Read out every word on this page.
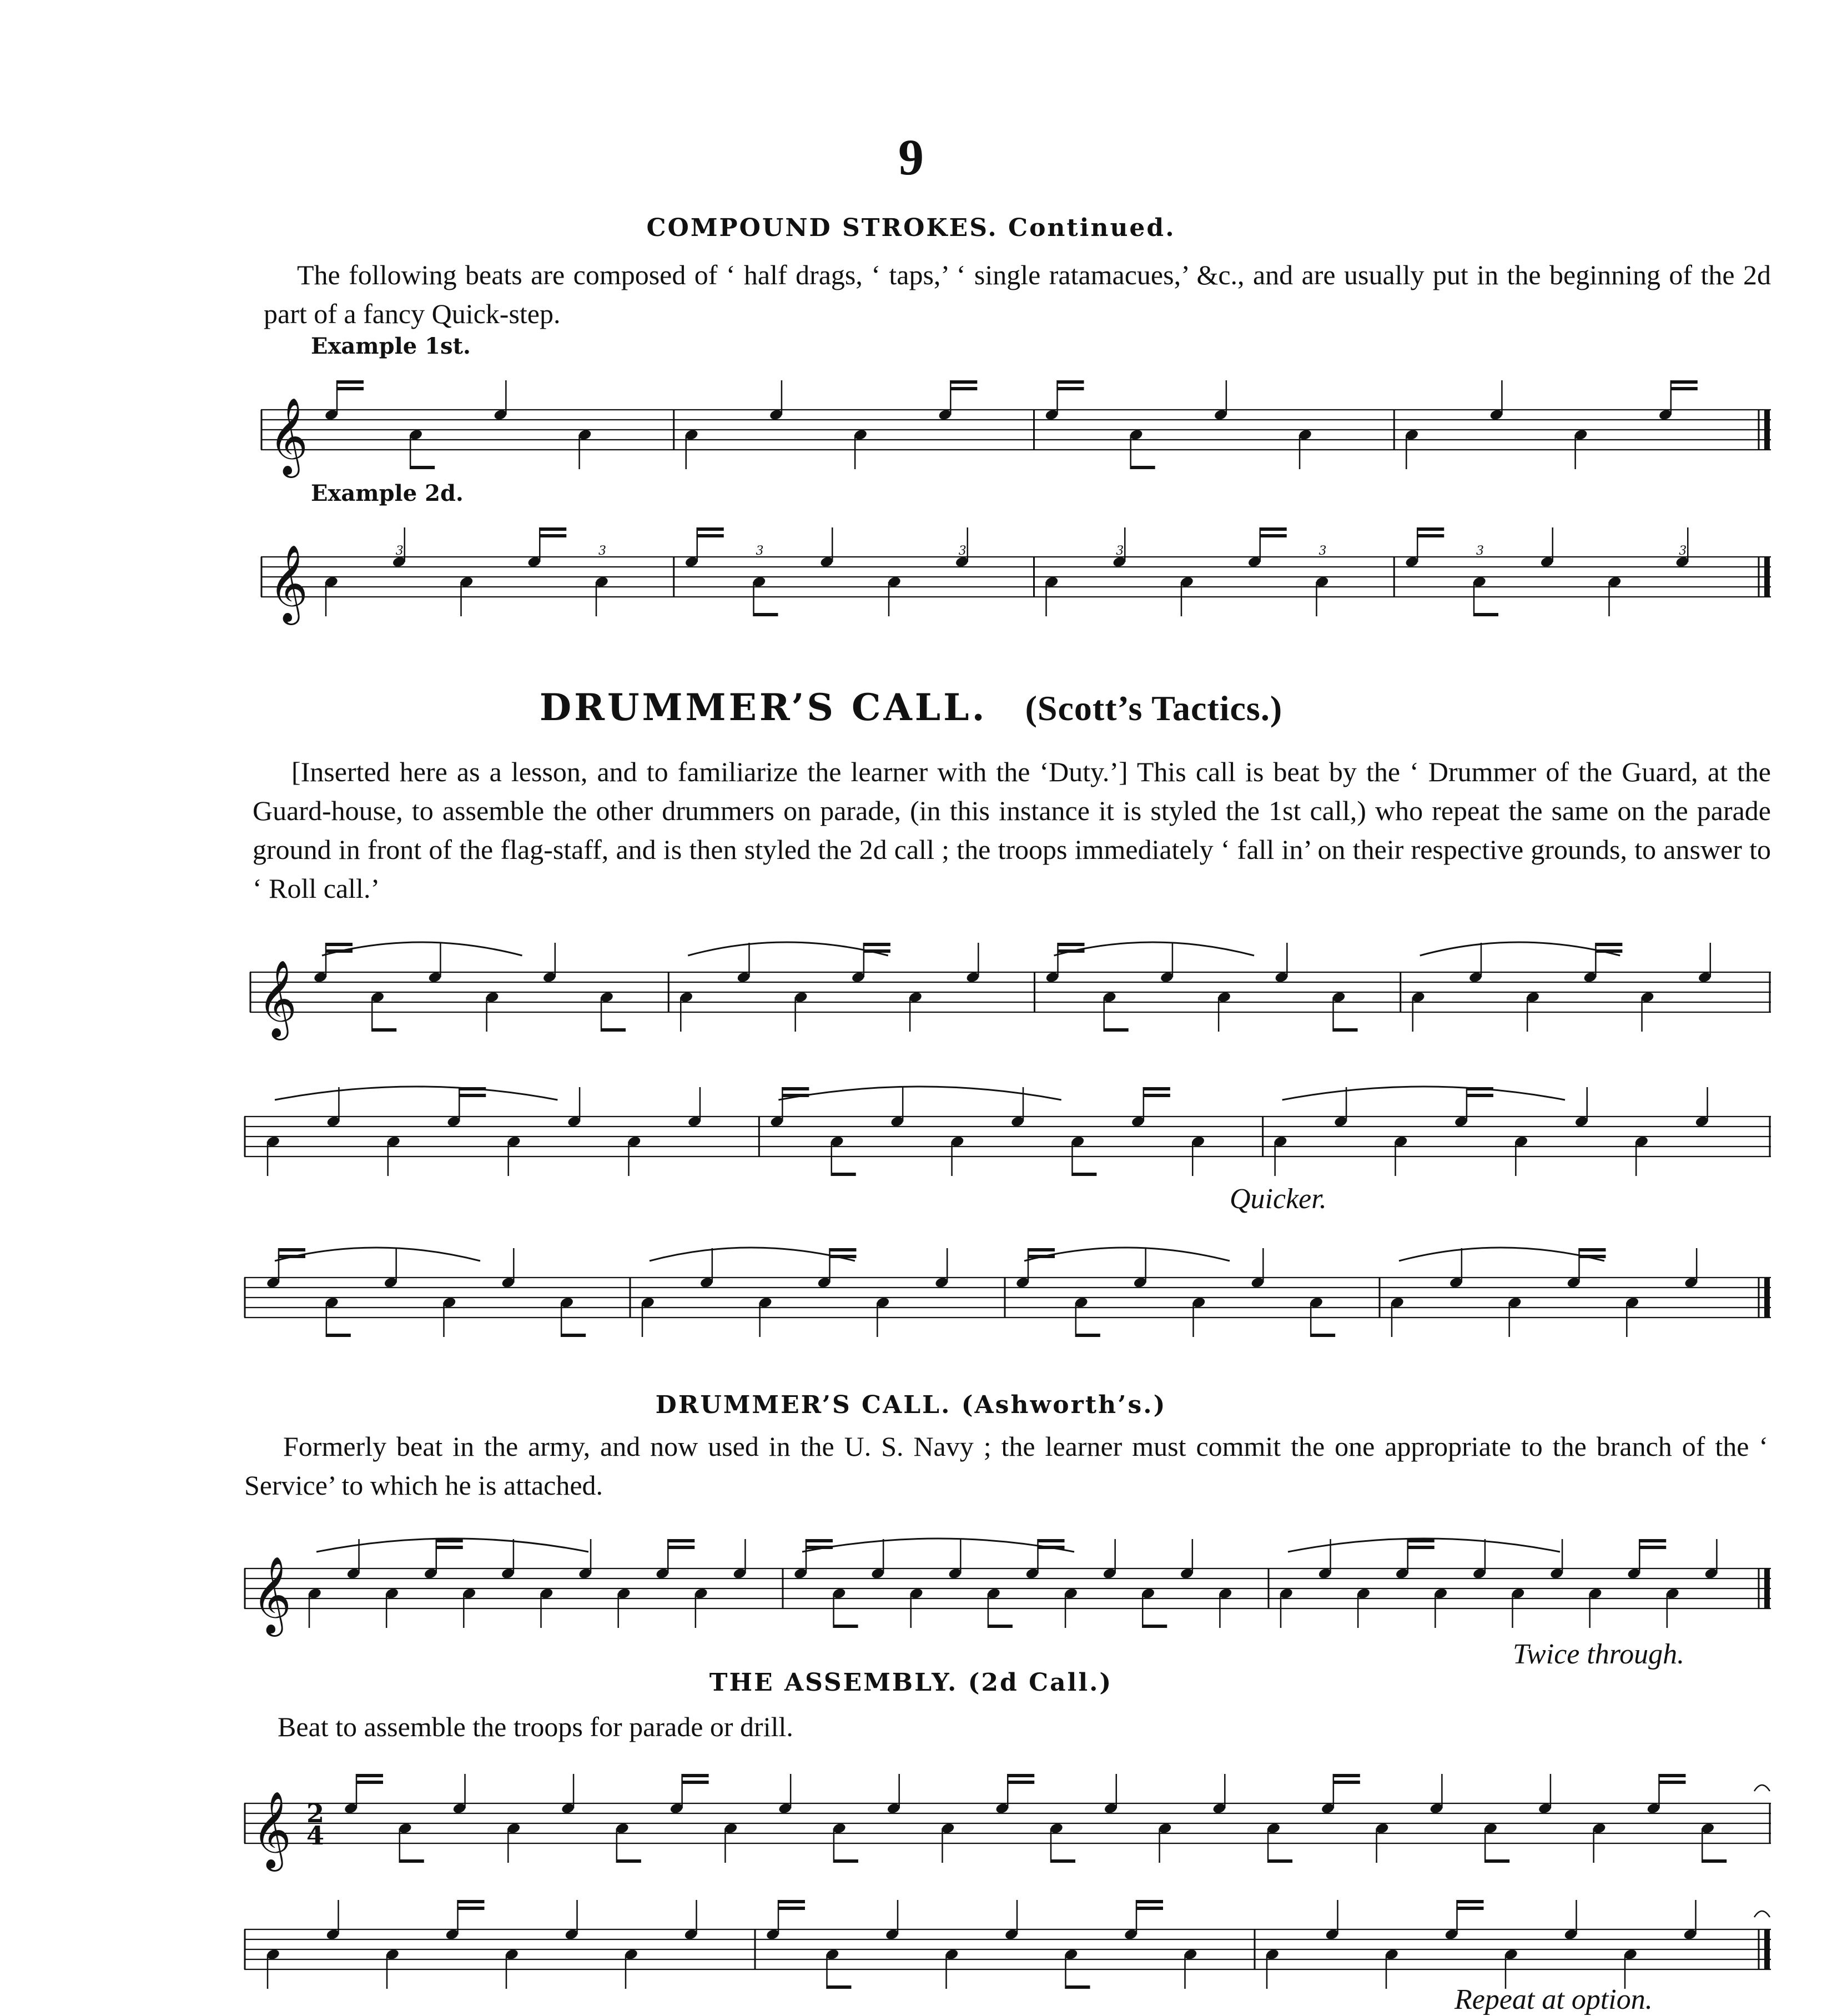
9
COMPOUND STROKES. Continued.
The following beats are composed of ‘ half drags, ‘ taps,’ ‘ single ratamacues,’ &c., and are usually put in the beginning of the 2d part of a fancy Quick-step.
Example 1st.
𝄞
Example 2d.
𝄞	3	3	3	3	3	3	3	3
DRUMMER’S CALL. (Scott’s Tactics.)
[Inserted here as a lesson, and to familiarize the learner with the ‘Duty.’] This call is beat by the ‘ Drummer of the Guard, at the Guard-house, to assemble the other drummers on parade, (in this instance it is styled the 1st call,) who repeat the same on the parade ground in front of the flag-staff, and is then styled the 2d call ; the troops immediately ‘ fall in’ on their respective grounds, to answer to ‘ Roll call.’
𝄞
Quicker.
DRUMMER’S CALL. (Ashworth’s.)
Formerly beat in the army, and now used in the U. S. Navy ; the learner must commit the one appropriate to the branch of the ‘ Service’ to which he is attached.
𝄞
Twice through.
THE ASSEMBLY. (2d Call.)
Beat to assemble the troops for parade or drill.
𝄞 2
4
Repeat at option.
